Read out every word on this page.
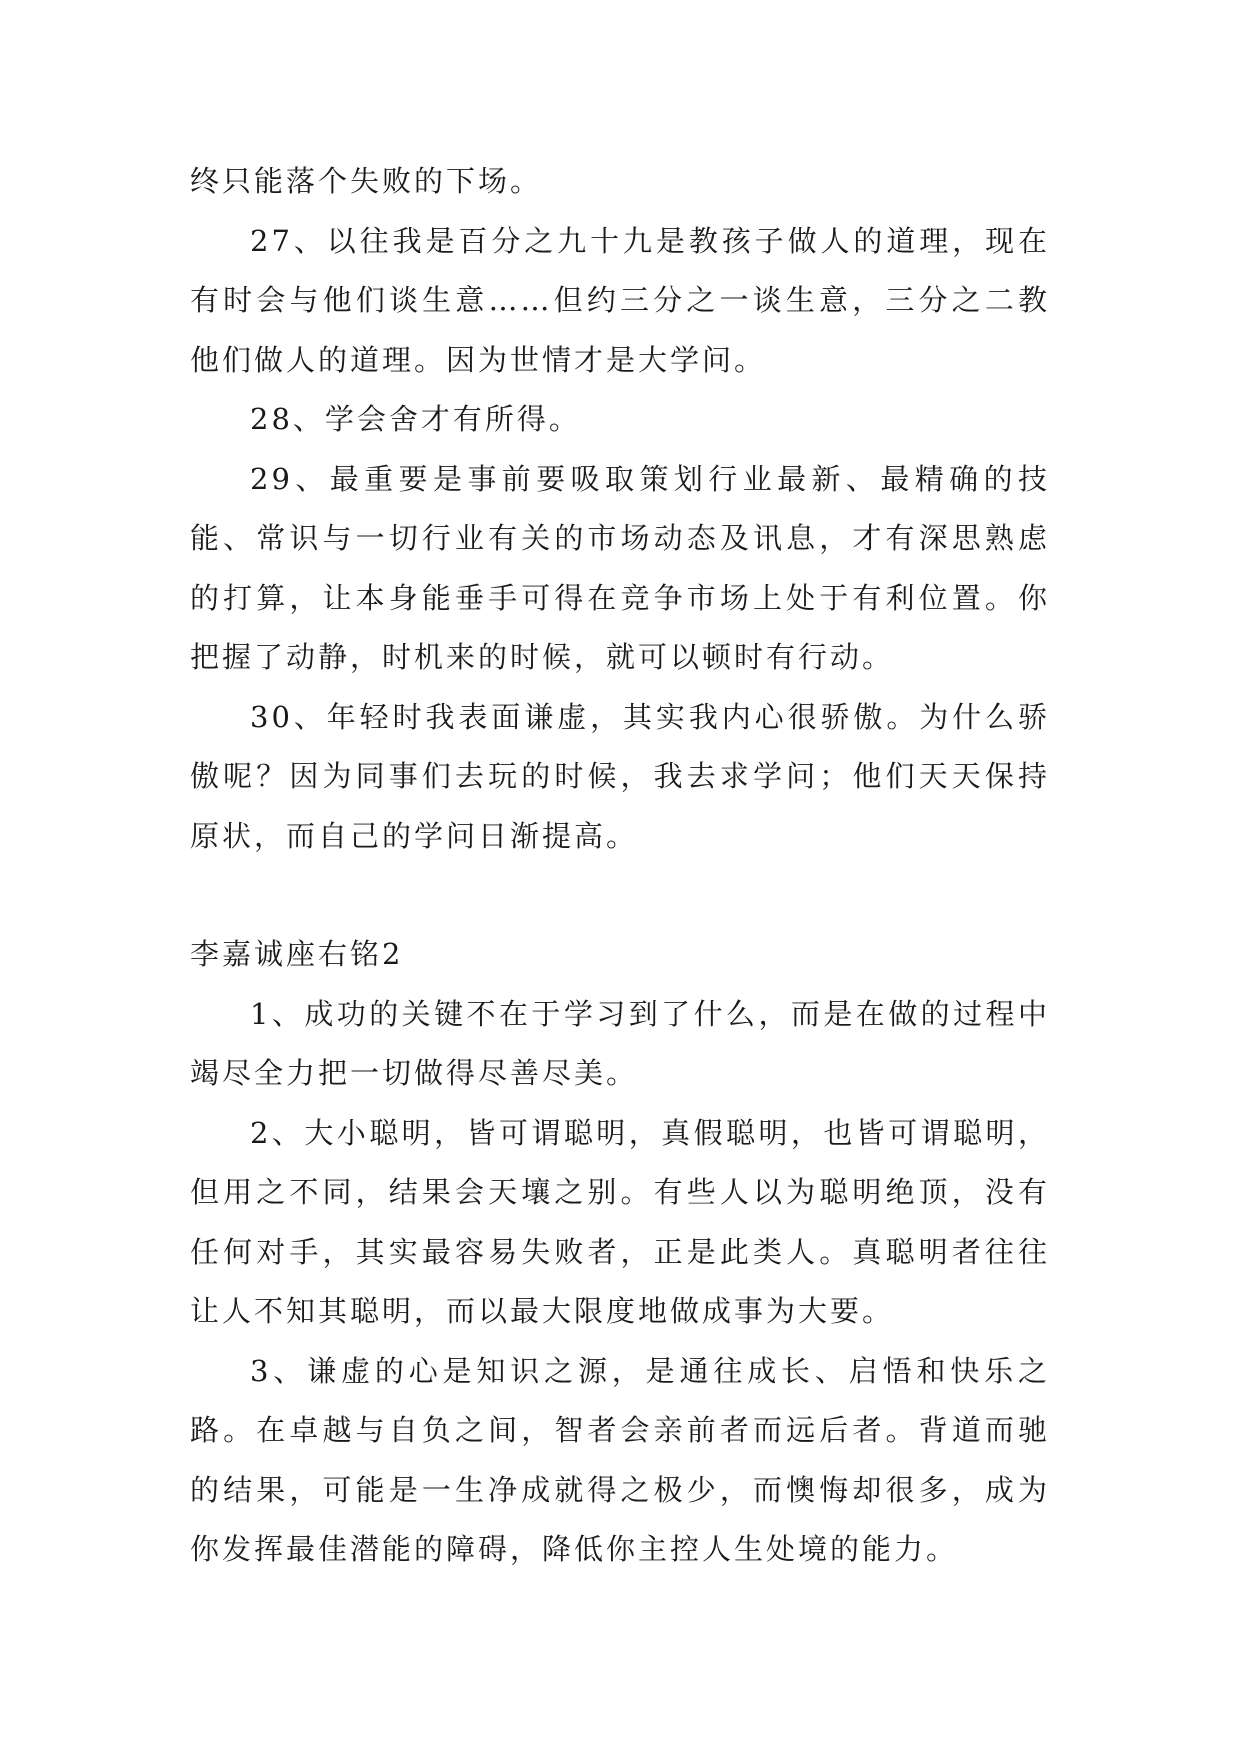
终只能落个失败的下场。

27、以往我是百分之九十九是教孩子做人的道理，现在有时会与他们谈生意……但约三分之一谈生意，三分之二教他们做人的道理。因为世情才是大学问。

28、学会舍才有所得。

29、最重要是事前要吸取策划行业最新、最精确的技能、常识与一切行业有关的市场动态及讯息，才有深思熟虑的打算，让本身能垂手可得在竞争市场上处于有利位置。你把握了动静，时机来的时候，就可以顿时有行动。

30、年轻时我表面谦虚，其实我内心很骄傲。为什么骄傲呢？因为同事们去玩的时候，我去求学问；他们天天保持原状，而自己的学问日渐提高。

李嘉诚座右铭2

1、成功的关键不在于学习到了什么，而是在做的过程中竭尽全力把一切做得尽善尽美。

2、大小聪明，皆可谓聪明，真假聪明，也皆可谓聪明，但用之不同，结果会天壤之别。有些人以为聪明绝顶，没有任何对手，其实最容易失败者，正是此类人。真聪明者往往让人不知其聪明，而以最大限度地做成事为大要。

3、谦虚的心是知识之源，是通往成长、启悟和快乐之路。在卓越与自负之间，智者会亲前者而远后者。背道而驰的结果，可能是一生净成就得之极少，而懊悔却很多，成为你发挥最佳潜能的障碍，降低你主控人生处境的能力。
